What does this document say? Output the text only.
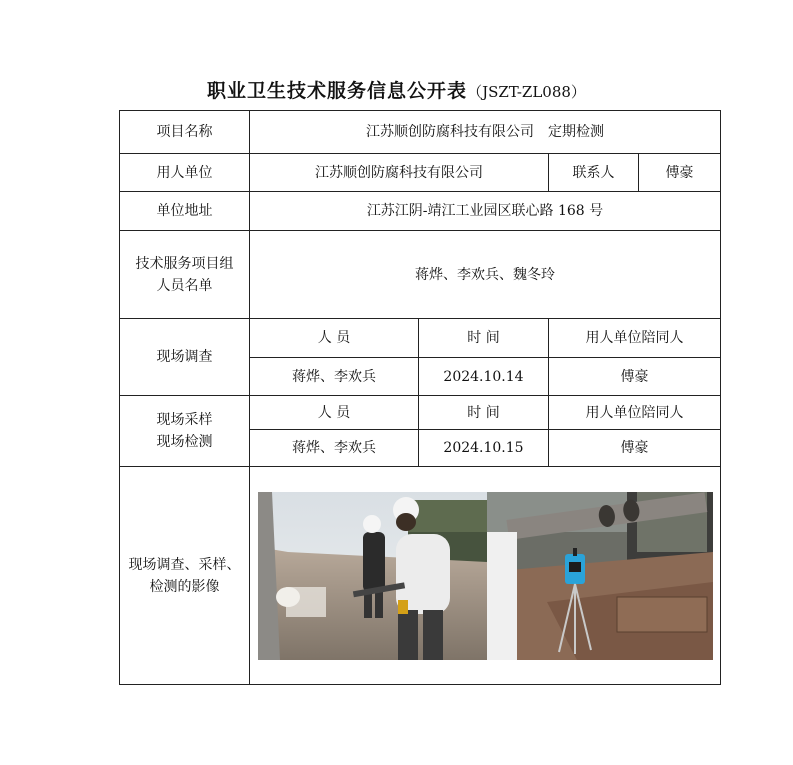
职业卫生技术服务信息公开表（JSZT-ZL088）
项目名称	江苏顺创防腐科技有限公司　定期检测			
用人单位	江苏顺创防腐科技有限公司		联系人	傅豪
单位地址	江苏江阴-靖江工业园区联心路 168 号			

技术服务项目组
人员名单	蒋烨、李欢兵、魏冬玲			
现场调查	人 员	时 间	用人单位陪同人	
	蒋烨、李欢兵	2024.10.14	傅豪	

现场采样
现场检测	人 员	时 间	用人单位陪同人	
	蒋烨、李欢兵	2024.10.15	傅豪	

现场调查、采样、
检测的影像
